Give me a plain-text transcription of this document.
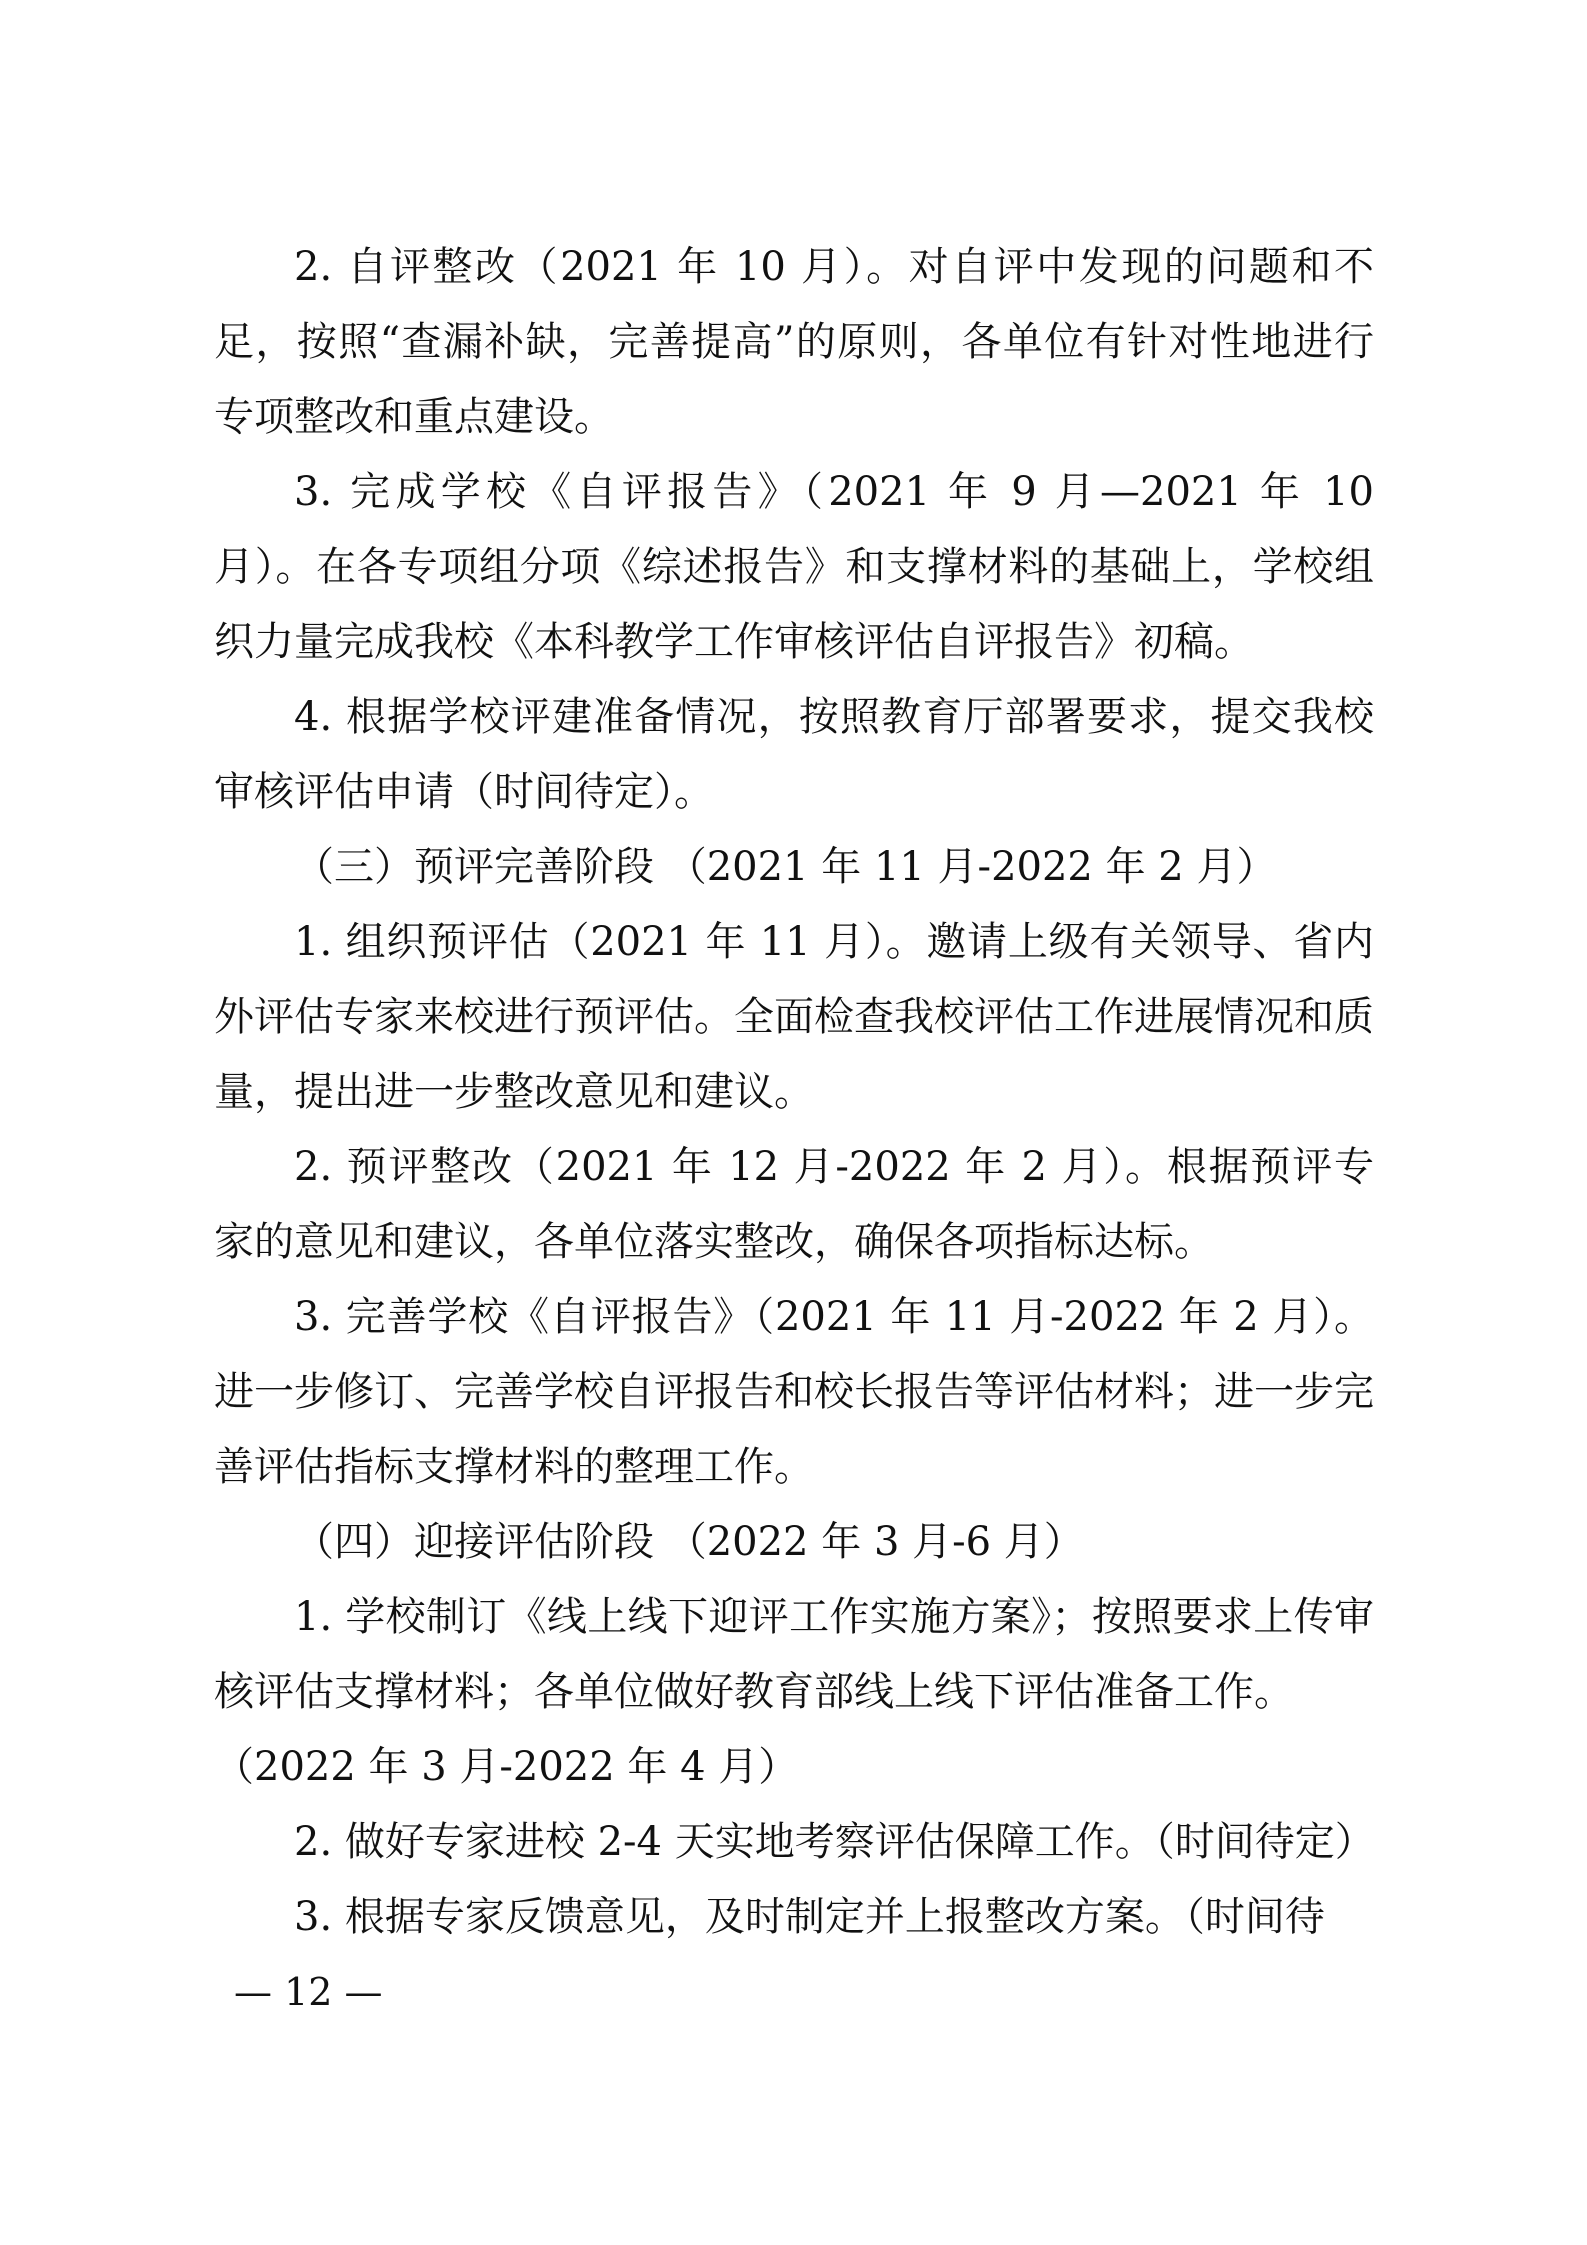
2. 自评整改（2021 年 10 月）。对自评中发现的问题和不足，按照“查漏补缺，完善提高”的原则，各单位有针对性地进行专项整改和重点建设。

3. 完成学校《自评报告》（2021 年 9 月—2021 年 10 月）。在各专项组分项《综述报告》和支撑材料的基础上，学校组织力量完成我校《本科教学工作审核评估自评报告》初稿。

4. 根据学校评建准备情况，按照教育厅部署要求，提交我校审核评估申请（时间待定）。

（三）预评完善阶段 （2021 年 11 月-2022 年 2 月）

1. 组织预评估（2021 年 11 月）。邀请上级有关领导、省内外评估专家来校进行预评估。全面检查我校评估工作进展情况和质量，提出进一步整改意见和建议。

2. 预评整改（2021 年 12 月-2022 年 2 月）。根据预评专家的意见和建议，各单位落实整改，确保各项指标达标。

3. 完善学校《自评报告》（2021 年 11 月-2022 年 2 月）。进一步修订、完善学校自评报告和校长报告等评估材料；进一步完善评估指标支撑材料的整理工作。

（四）迎接评估阶段 （2022 年 3 月-6 月）

1. 学校制订《线上线下迎评工作实施方案》；按照要求上传审核评估支撑材料；各单位做好教育部线上线下评估准备工作。

（2022 年 3 月-2022 年 4 月）

2. 做好专家进校 2-4 天实地考察评估保障工作。（时间待定）

3. 根据专家反馈意见，及时制定并上报整改方案。（时间待

— 12 —
